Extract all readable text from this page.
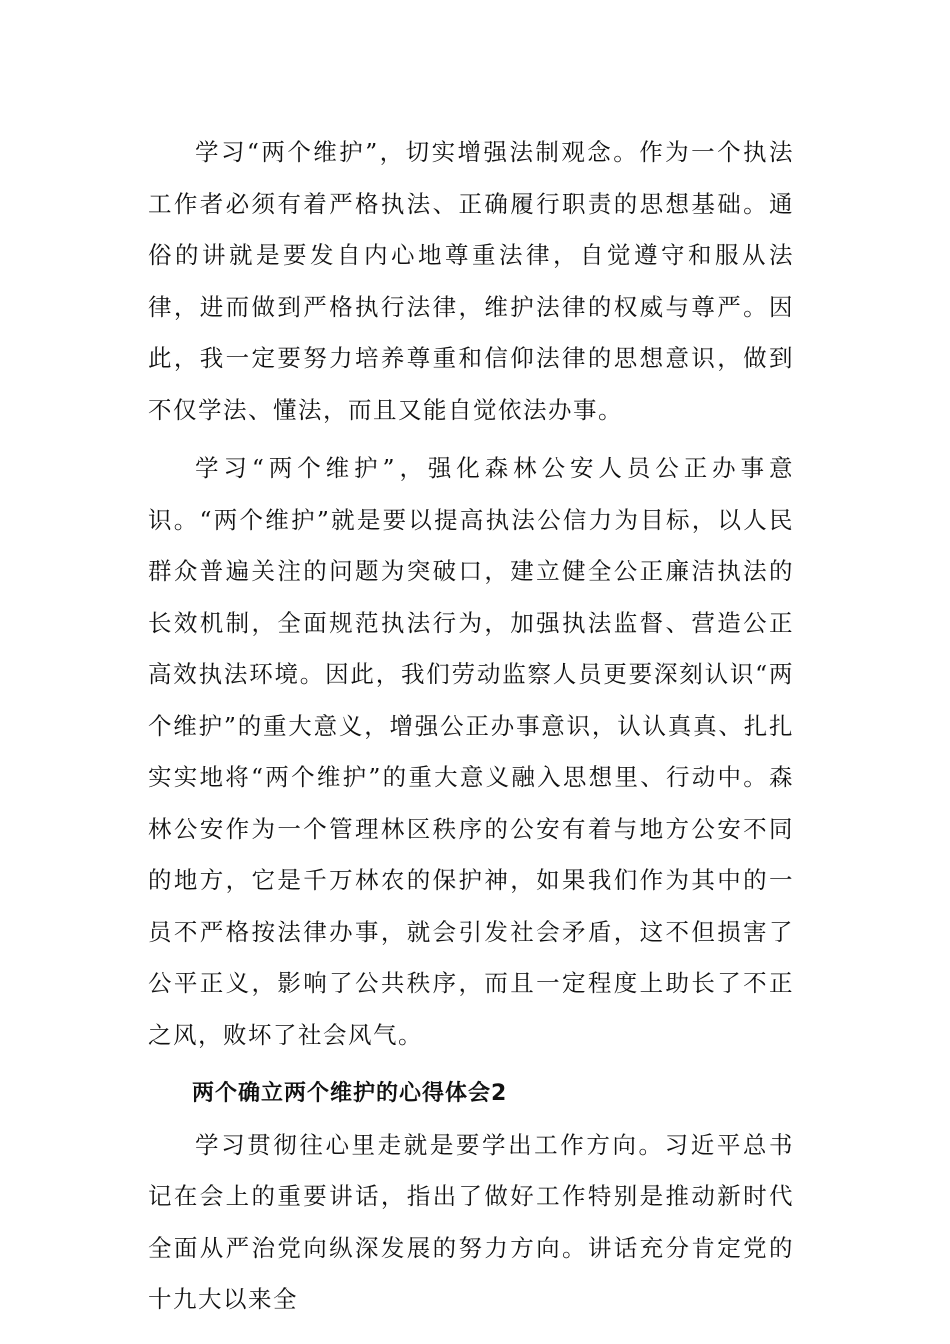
学习“两个维护”，切实增强法制观念。作为一个执法工作者必须有着严格执法、正确履行职责的思想基础。通俗的讲就是要发自内心地尊重法律，自觉遵守和服从法律，进而做到严格执行法律，维护法律的权威与尊严。因此，我一定要努力培养尊重和信仰法律的思想意识，做到不仅学法、懂法，而且又能自觉依法办事。

学习“两个维护”，强化森林公安人员公正办事意识。“两个维护”就是要以提高执法公信力为目标，以人民群众普遍关注的问题为突破口，建立健全公正廉洁执法的长效机制，全面规范执法行为，加强执法监督、营造公正高效执法环境。因此，我们劳动监察人员更要深刻认识“两个维护”的重大意义，增强公正办事意识，认认真真、扎扎实实地将“两个维护”的重大意义融入思想里、行动中。森林公安作为一个管理林区秩序的公安有着与地方公安不同的地方，它是千万林农的保护神，如果我们作为其中的一员不严格按法律办事，就会引发社会矛盾，这不但损害了公平正义，影响了公共秩序，而且一定程度上助长了不正之风，败坏了社会风气。

两个确立两个维护的心得体会2

学习贯彻往心里走就是要学出工作方向。习近平总书记在会上的重要讲话，指出了做好工作特别是推动新时代全面从严治党向纵深发展的努力方向。讲话充分肯定党的十九大以来全
